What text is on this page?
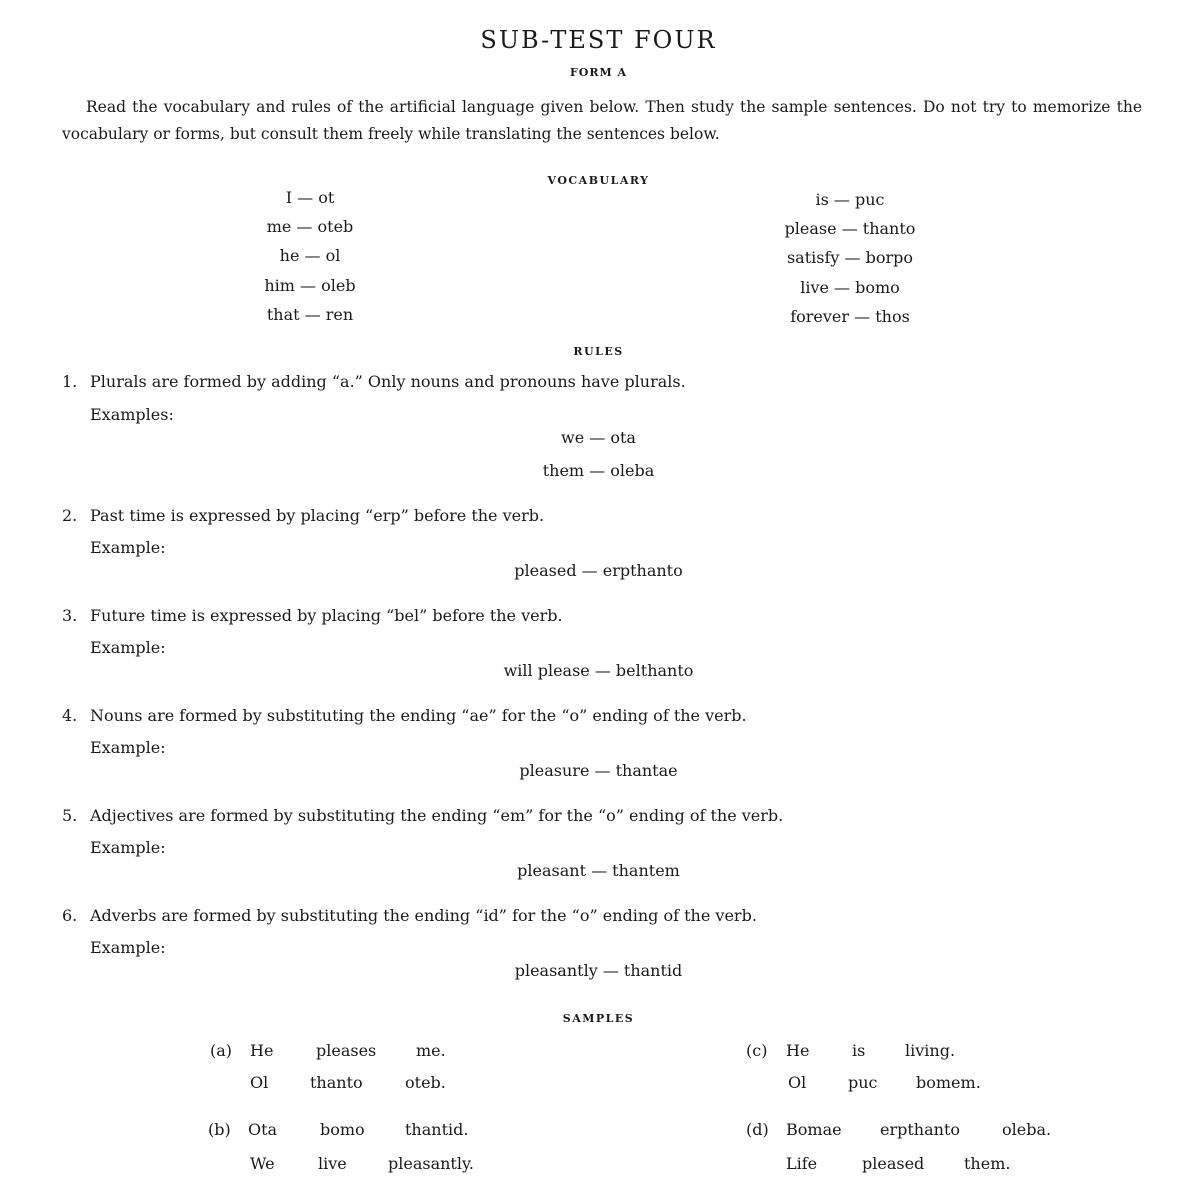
SUB-TEST FOUR
FORM A
Read the vocabulary and rules of the artificial language given below. Then study the sample sentences. Do not try to memorize the vocabulary or forms, but consult them freely while translating the sentences below.
VOCABULARY
I — ot
me — oteb
he — ol
him — oleb
that — ren
is — puc
please — thanto
satisfy — borpo
live — bomo
forever — thos
RULES
1. Plurals are formed by adding “a.” Only nouns and pronouns have plurals.
Examples:
we — ota
them — oleba
2. Past time is expressed by placing “erp” before the verb.
Example:
pleased — erpthanto
3. Future time is expressed by placing “bel” before the verb.
Example:
will please — belthanto
4. Nouns are formed by substituting the ending “ae” for the “o” ending of the verb.
Example:
pleasure — thantae
5. Adjectives are formed by substituting the ending “em” for the “o” ending of the verb.
Example:
pleasant — thantem
6. Adverbs are formed by substituting the ending “id” for the “o” ending of the verb.
Example:
pleasantly — thantid
SAMPLES
(a) He	pleases me.
Ol	thanto	oteb.
(b) Ota	bomo	thantid.
We	live	pleasantly.
(c) He	is living.
Ol	puc bomem.
(d) Bomae erpthanto	oleba.
Life	pleased them.
